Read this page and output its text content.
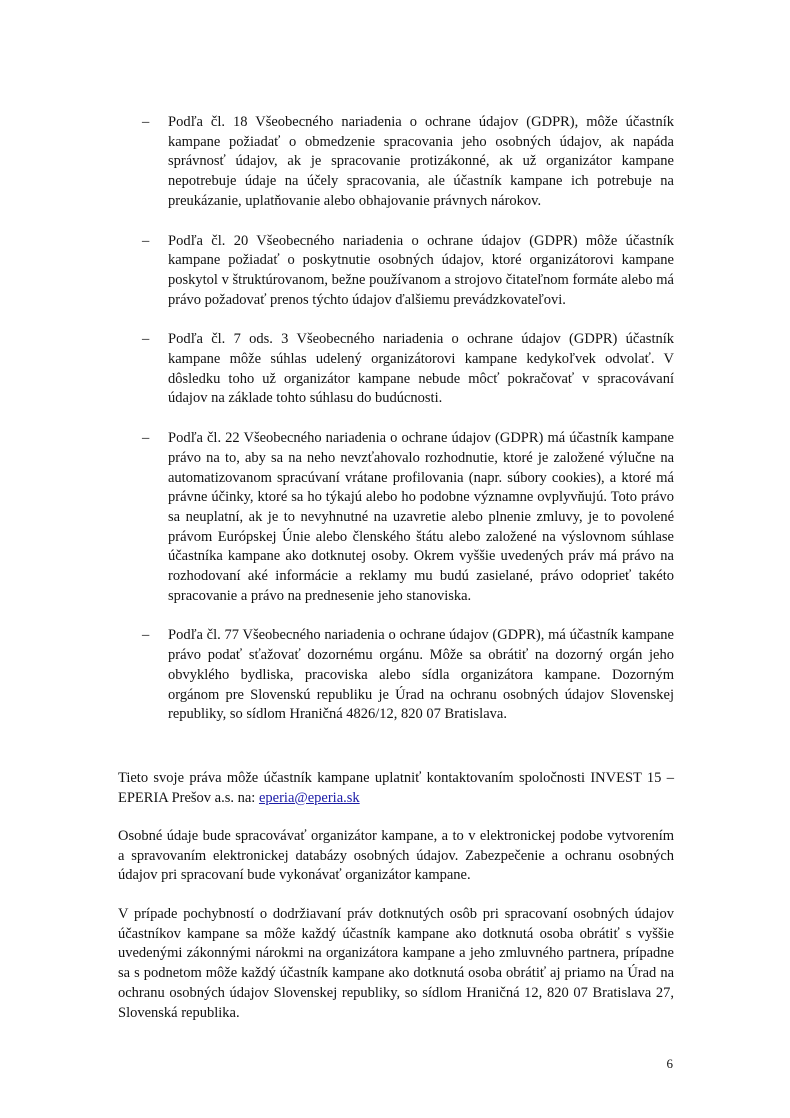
–	Podľa čl. 18 Všeobecného nariadenia o ochrane údajov (GDPR), môže účastník kampane požiadať o obmedzenie spracovania jeho osobných údajov, ak napáda správnosť údajov, ak je spracovanie protizákonné, ak už organizátor kampane nepotrebuje údaje na účely spracovania, ale účastník kampane ich potrebuje na preukázanie, uplatňovanie alebo obhajovanie právnych nárokov.

–	Podľa čl. 20 Všeobecného nariadenia o ochrane údajov (GDPR) môže účastník kampane požiadať o poskytnutie osobných údajov, ktoré organizátorovi kampane poskytol v štruktúrovanom, bežne používanom a strojovo čitateľnom formáte alebo má právo požadovať prenos týchto údajov ďalšiemu prevádzkovateľovi.

–	Podľa čl. 7 ods. 3 Všeobecného nariadenia o ochrane údajov (GDPR) účastník kampane môže súhlas udelený organizátorovi kampane kedykoľvek odvolať. V dôsledku toho už organizátor kampane nebude môcť pokračovať v spracovávaní údajov na základe tohto súhlasu do budúcnosti.

–	Podľa čl. 22 Všeobecného nariadenia o ochrane údajov (GDPR) má účastník kampane právo na to, aby sa na neho nevzťahovalo rozhodnutie, ktoré je založené výlučne na automatizovanom spracúvaní vrátane profilovania (napr. súbory cookies), a ktoré má právne účinky, ktoré sa ho týkajú alebo ho podobne významne ovplyvňujú. Toto právo sa neuplatní, ak je to nevyhnutné na uzavretie alebo plnenie zmluvy, je to povolené právom Európskej Únie alebo členského štátu alebo založené na výslovnom súhlase účastníka kampane ako dotknutej osoby. Okrem vyššie uvedených práv má právo na rozhodovaní aké informácie a reklamy mu budú zasielané, právo odoprieť takéto spracovanie a právo na prednesenie jeho stanoviska.

–	Podľa čl. 77 Všeobecného nariadenia o ochrane údajov (GDPR), má účastník kampane právo podať sťažovať dozornému orgánu. Môže sa obrátiť na dozorný orgán jeho obvyklého bydliska, pracoviska alebo sídla organizátora kampane. Dozorným orgánom pre Slovenskú republiku je Úrad na ochranu osobných údajov Slovenskej republiky, so sídlom Hraničná 4826/12, 820 07 Bratislava.

Tieto svoje práva môže účastník kampane uplatniť kontaktovaním spoločnosti INVEST 15 – EPERIA Prešov a.s. na: eperia@eperia.sk

Osobné údaje bude spracovávať organizátor kampane, a to v elektronickej podobe vytvorením a spravovaním elektronickej databázy osobných údajov. Zabezpečenie a ochranu osobných údajov pri spracovaní bude vykonávať organizátor kampane.

V prípade pochybností o dodržiavaní práv dotknutých osôb pri spracovaní osobných údajov účastníkov kampane sa môže každý účastník kampane ako dotknutá osoba obrátiť s vyššie uvedenými zákonnými nárokmi na organizátora kampane a jeho zmluvného partnera, prípadne sa s podnetom môže každý účastník kampane ako dotknutá osoba obrátiť aj priamo na Úrad na ochranu osobných údajov Slovenskej republiky, so sídlom Hraničná 12, 820 07 Bratislava 27, Slovenská republika.

6
